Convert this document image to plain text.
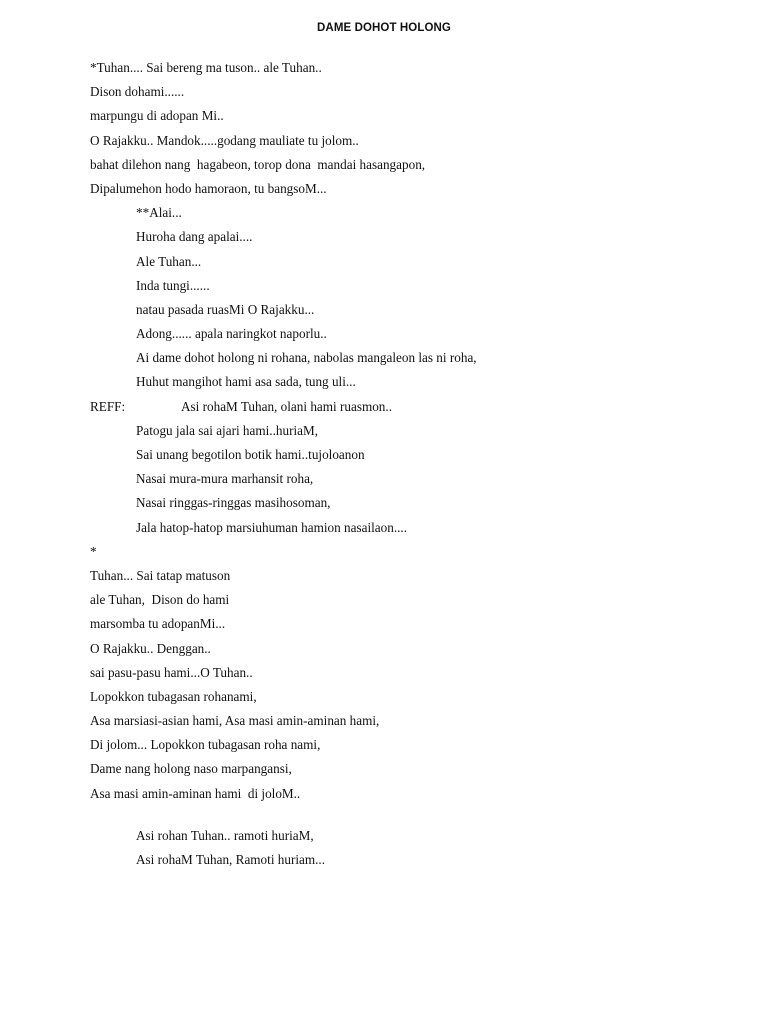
DAME DOHOT HOLONG
*Tuhan.... Sai bereng ma tuson.. ale Tuhan..
Dison dohami......
marpungu di adopan Mi..
O Rajakku.. Mandok.....godang mauliate tu jolom..
bahat dilehon nang  hagabeon, torop dona  mandai hasangapon,
Dipalumehon hodo hamoraon, tu bangsoM...
**Alai...
Huroha dang apalai....
Ale Tuhan...
Inda tungi......
natau pasada ruasMi O Rajakku...
Adong...... apala naringkot naporlu..
Ai dame dohot holong ni rohana, nabolas mangaleon las ni roha,
Huhut mangihot hami asa sada, tung uli...
REFF:	Asi rohaM Tuhan, olani hami ruasmon..
Patogu jala sai ajari hami..huriaM,
Sai unang begotilon botik hami..tujoloanon
Nasai mura-mura marhansit roha,
Nasai ringgas-ringgas masihosoman,
Jala hatop-hatop marsiuhuman hamion nasailaon....
*
Tuhan... Sai tatap matuson
ale Tuhan,  Dison do hami
marsomba tu adopanMi...
O Rajakku.. Denggan..
sai pasu-pasu hami...O Tuhan..
Lopokkon tubagasan rohanami,
Asa marsiasi-asian hami, Asa masi amin-aminan hami,
Di jolom... Lopokkon tubagasan roha nami,
Dame nang holong naso marpangansi,
Asa masi amin-aminan hami  di joloM..
Asi rohan Tuhan.. ramoti huriaM,
Asi rohaM Tuhan, Ramoti huriam...
